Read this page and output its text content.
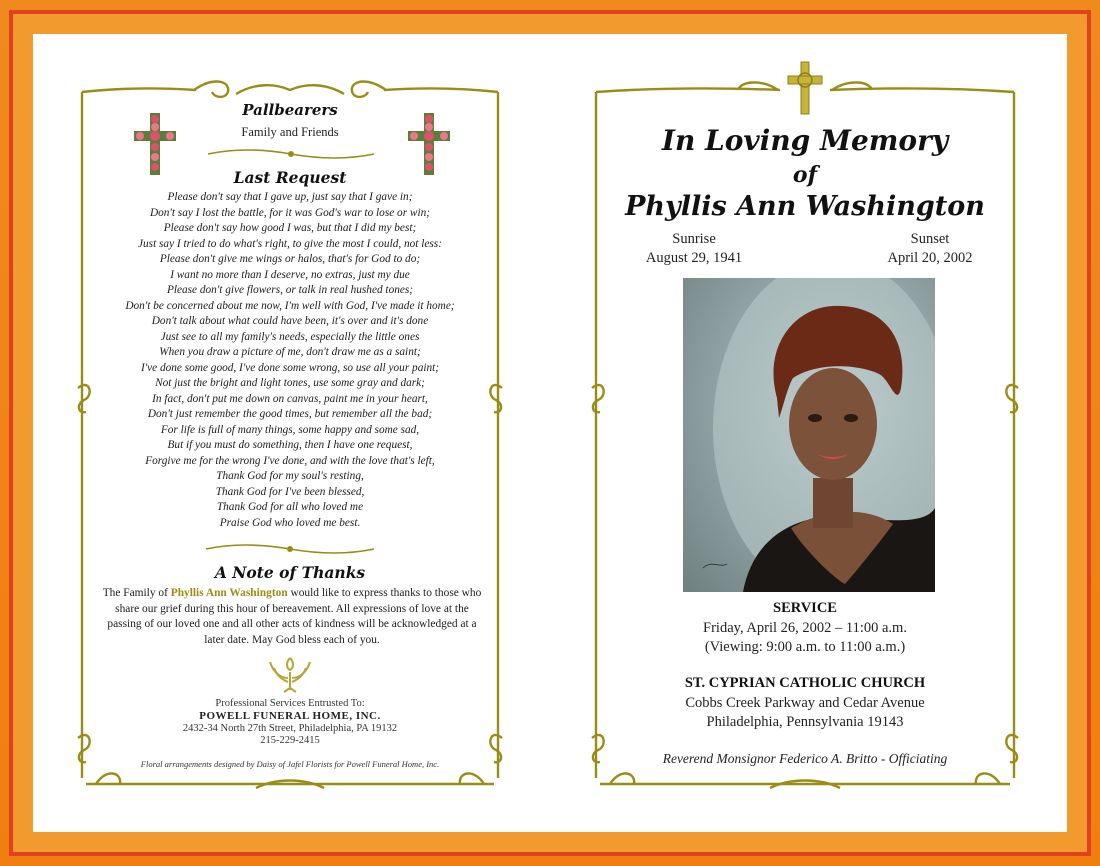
Pallbearers
Family and Friends
Last Request
Please don't say that I gave up, just say that I gave in;
Don't say I lost the battle, for it was God's war to lose or win;
Please don't say how good I was, but that I did my best;
Just say I tried to do what's right, to give the most I could, not less:
Please don't give me wings or halos, that's for God to do;
I want no more than I deserve, no extras, just my due
Please don't give flowers, or talk in real hushed tones;
Don't be concerned about me now, I'm well with God, I've made it home;
Don't talk about what could have been, it's over and it's done
Just see to all my family's needs, especially the little ones
When you draw a picture of me, don't draw me as a saint;
I've done some good, I've done some wrong, so use all your paint;
Not just the bright and light tones, use some gray and dark;
In fact, don't put me down on canvas, paint me in your heart,
Don't just remember the good times, but remember all the bad;
For life is full of many things, some happy and some sad,
But if you must do something, then I have one request,
Forgive me for the wrong I've done, and with the love that's left,
Thank God for my soul's resting,
Thank God for I've been blessed,
Thank God for all who loved me
Praise God who loved me best.
A Note of Thanks
The Family of Phyllis Ann Washington would like to express thanks to those who share our grief during this hour of bereavement. All expressions of love at the passing of our loved one and all other acts of kindness will be acknowledged at a later date. May God bless each of you.
Professional Services Entrusted To:
POWELL FUNERAL HOME, INC.
2432-34 North 27th Street, Philadelphia, PA 19132
215-229-2415
Floral arrangements designed by Daisy of Jafel Florists for Powell Funeral Home, Inc.
In Loving Memory
of
Phyllis Ann Washington
Sunrise
August 29, 1941
Sunset
April 20, 2002
SERVICE
Friday, April 26, 2002 – 11:00 a.m.
(Viewing: 9:00 a.m. to 11:00 a.m.)
ST. CYPRIAN CATHOLIC CHURCH
Cobbs Creek Parkway and Cedar Avenue
Philadelphia, Pennsylvania 19143
Reverend Monsignor Federico A. Britto - Officiating
